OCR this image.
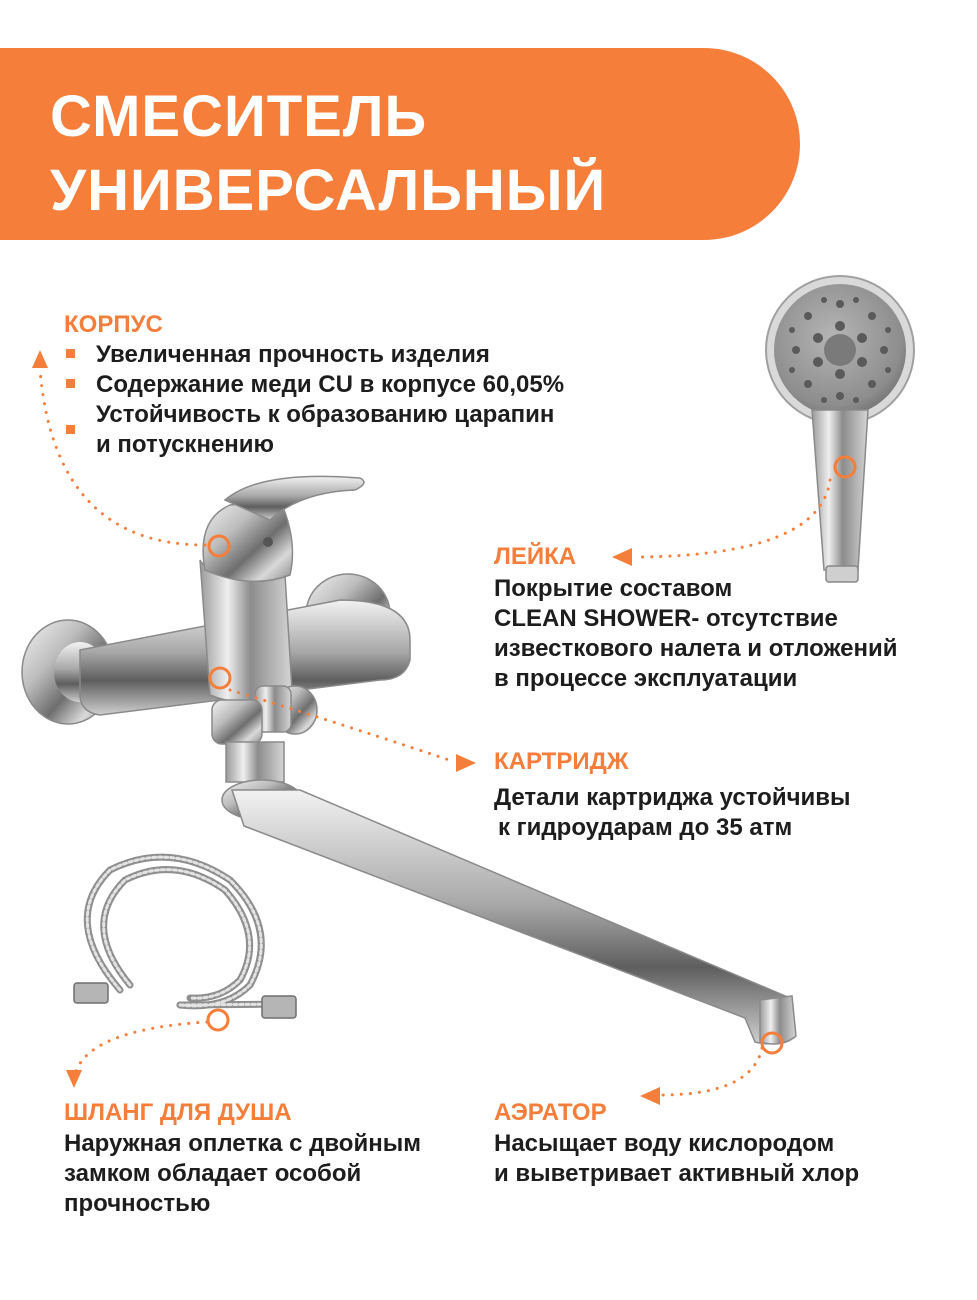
СМЕСИТЕЛЬ
УНИВЕРСАЛЬНЫЙ
КОРПУС
Увеличенная прочность изделия
Содержание меди CU в корпусе 60,05%
Устойчивость к образованию царапин
и потускнению
ЛЕЙКА
Покрытие составом
CLEAN SHOWER- отсутствие
известкового налета и отложений
в процессе эксплуатации
КАРТРИДЖ
Детали картриджа устойчивы
к гидроударам до 35 атм
ШЛАНГ ДЛЯ ДУША
Наружная оплетка с двойным
замком обладает особой
прочностью
АЭРАТОР
Насыщает воду кислородом
и выветривает активный хлор
